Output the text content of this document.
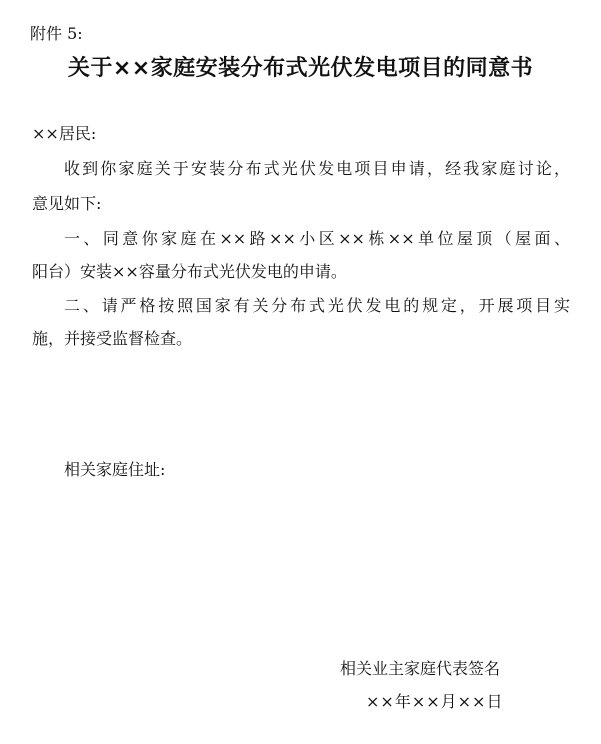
附件 5:
关于××家庭安装分布式光伏发电项目的同意书
××居民:
收到你家庭关于安装分布式光伏发电项目申请，经我家庭讨论，
意见如下:
一、同意你家庭在××路××小区××栋××单位屋顶（屋面、
阳台）安装××容量分布式光伏发电的申请。
二、请严格按照国家有关分布式光伏发电的规定，开展项目实
施，并接受监督检查。
相关家庭住址:
相关业主家庭代表签名
××年××月××日
